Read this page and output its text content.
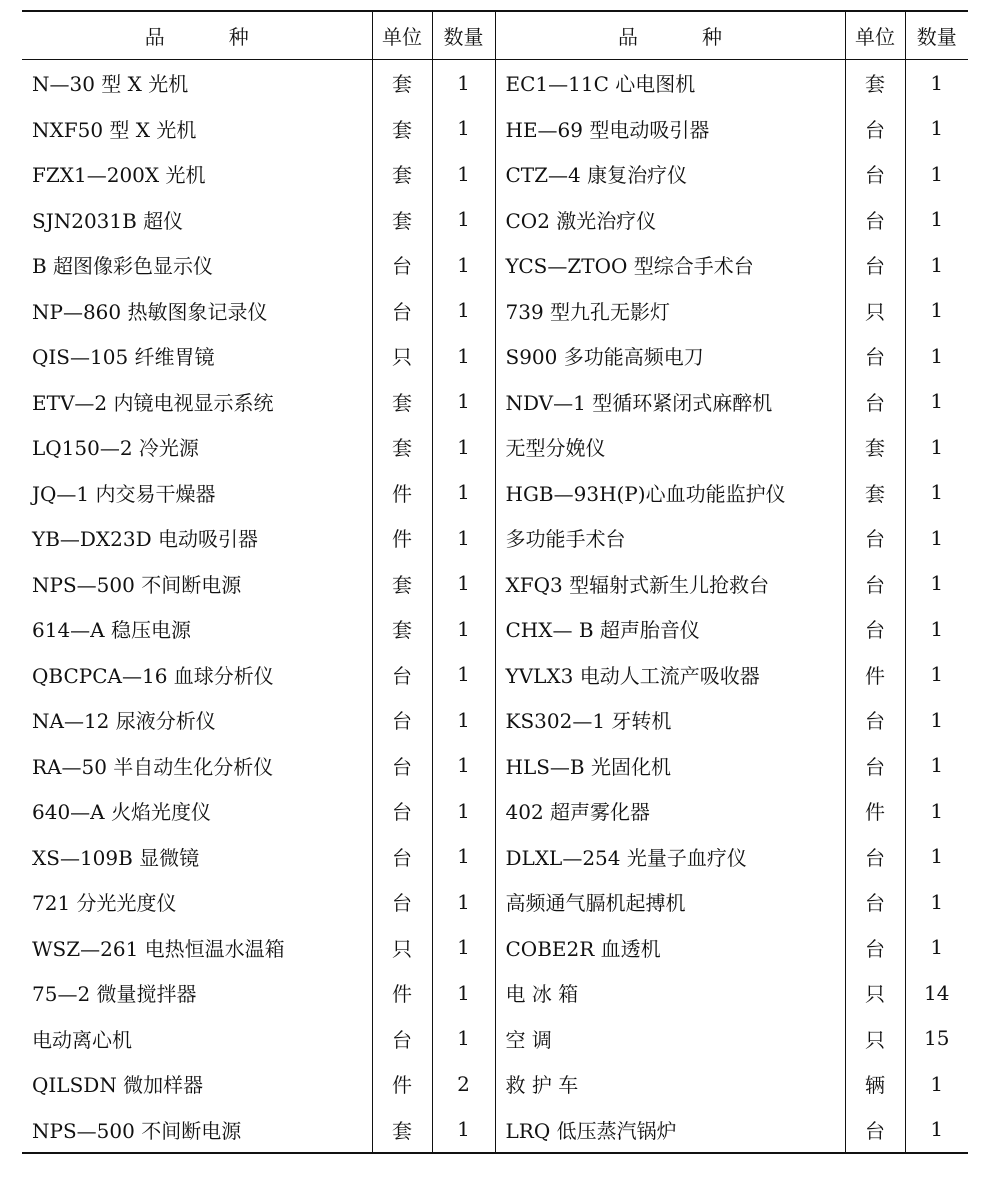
品 种	单位	数量	品 种	单位	数量
N—30 型 X 光机	套	1	EC1—11C 心电图机	套	1
NXF50 型 X 光机	套	1	HE—69 型电动吸引器	台	1
FZX1—200X 光机	套	1	CTZ—4 康复治疗仪	台	1
SJN2031B 超仪	套	1	CO2 激光治疗仪	台	1
B 超图像彩色显示仪	台	1	YCS—ZTOO 型综合手术台	台	1
NP—860 热敏图象记录仪	台	1	739 型九孔无影灯	只	1
QIS—105 纤维胃镜	只	1	S900 多功能高频电刀	台	1
ETV—2 内镜电视显示系统	套	1	NDV—1 型循环紧闭式麻醉机	台	1
LQ150—2 冷光源	套	1	无型分娩仪	套	1
JQ—1 内交易干燥器	件	1	HGB—93H(P)心血功能监护仪	套	1
YB—DX23D 电动吸引器	件	1	多功能手术台	台	1
NPS—500 不间断电源	套	1	XFQ3 型辐射式新生儿抢救台	台	1
614—A 稳压电源	套	1	CHX— B 超声胎音仪	台	1
QBCPCA—16 血球分析仪	台	1	YVLX3 电动人工流产吸收器	件	1
NA—12 尿液分析仪	台	1	KS302—1 牙转机	台	1
RA—50 半自动生化分析仪	台	1	HLS—B 光固化机	台	1
640—A 火焰光度仪	台	1	402 超声雾化器	件	1
XS—109B 显微镜	台	1	DLXL—254 光量子血疗仪	台	1
721 分光光度仪	台	1	高频通气膈机起搏机	台	1
WSZ—261 电热恒温水温箱	只	1	COBE2R 血透机	台	1
75—2 微量搅拌器	件	1	电 冰 箱	只	14
电动离心机	台	1	空 调	只	15
QILSDN 微加样器	件	2	救 护 车	辆	1
NPS—500 不间断电源	套	1	LRQ 低压蒸汽锅炉	台	1
